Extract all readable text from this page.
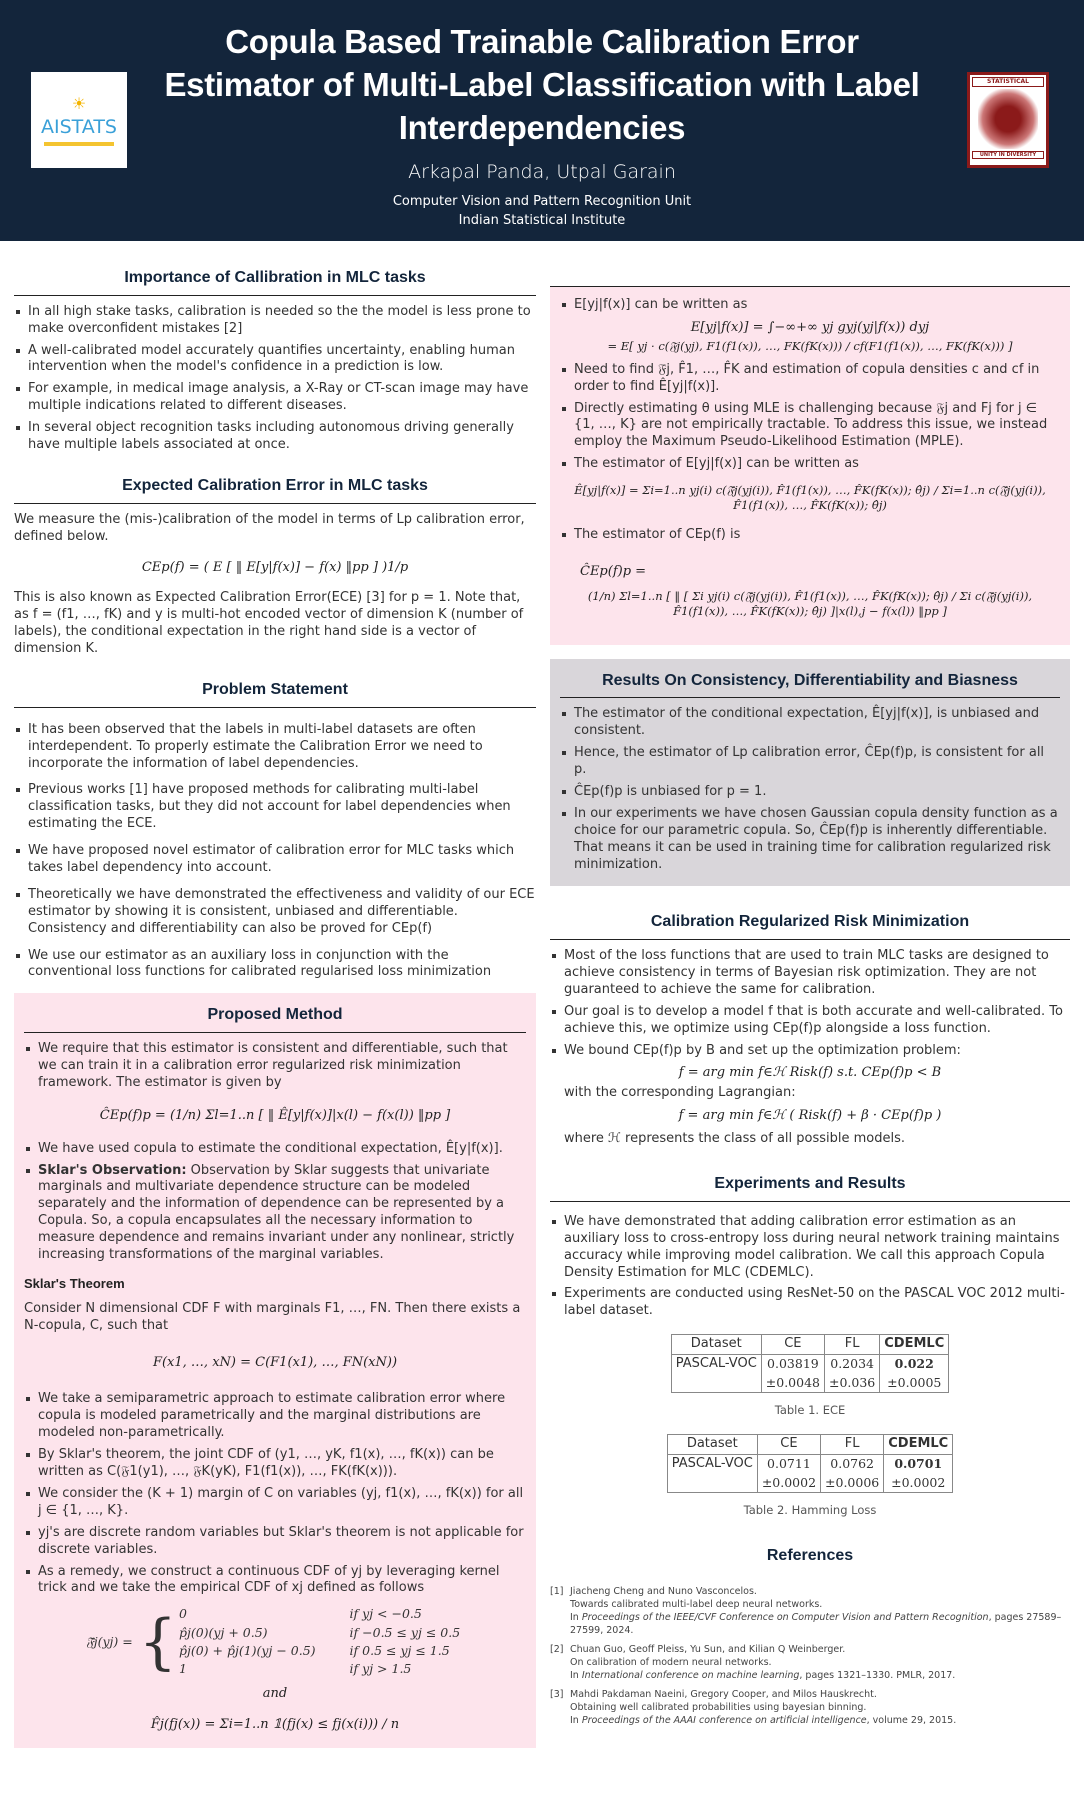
☀
AISTATS
Copula Based Trainable Calibration Error Estimator of Multi-Label Classification with Label Interdependencies
Arkapal Panda, Utpal Garain
Computer Vision and Pattern Recognition Unit
Indian Statistical Institute
STATISTICAL
UNITY IN DIVERSITY
Importance of Callibration in MLC tasks
In all high stake tasks, calibration is needed so the the model is less prone to make overconfident mistakes [2]
A well-calibrated model accurately quantifies uncertainty, enabling human intervention when the model's confidence in a prediction is low.
For example, in medical image analysis, a X-Ray or CT-scan image may have multiple indications related to different diseases.
In several object recognition tasks including autonomous driving generally have multiple labels associated at once.
Expected Calibration Error in MLC tasks

We measure the (mis-)calibration of the model in terms of Lp calibration error, defined below.

CEp(f) = ( E [ ‖ E[y|f(x)] − f(x) ‖pp ] )1/p

This is also known as Expected Calibration Error(ECE) [3] for p = 1. Note that, as f = (f1, …, fK) and y is multi-hot encoded vector of dimension K (number of labels), the conditional expectation in the right hand side is a vector of dimension K.

Problem Statement
It has been observed that the labels in multi-label datasets are often interdependent. To properly estimate the Calibration Error we need to incorporate the information of label dependencies.
Previous works [1] have proposed methods for calibrating multi-label classification tasks, but they did not account for label dependencies when estimating the ECE.
We have proposed novel estimator of calibration error for MLC tasks which takes label dependency into account.
Theoretically we have demonstrated the effectiveness and validity of our ECE estimator by showing it is consistent, unbiased and differentiable. Consistency and differentiability can also be proved for CEp(f)
We use our estimator as an auxiliary loss in conjunction with the conventional loss functions for calibrated regularised loss minimization
Proposed Method
We require that this estimator is consistent and differentiable, such that we can train it in a calibration error regularized risk minimization framework. The estimator is given by
ĈEp(f)p = (1/n) Σl=1..n [ ‖ Ê[y|f(x)]|x(l) − f(x(l)) ‖pp ]
We have used copula to estimate the conditional expectation, Ê[y|f(x)].
Sklar's Observation: Observation by Sklar suggests that univariate marginals and multivariate dependence structure can be modeled separately and the information of dependence can be represented by a Copula. So, a copula encapsulates all the necessary information to measure dependence and remains invariant under any nonlinear, strictly increasing transformations of the marginal variables.
Sklar's Theorem

Consider N dimensional CDF F with marginals F1, …, FN. Then there exists a N-copula, C, such that

F(x1, …, xN) = C(F1(x1), …, FN(xN))
We take a semiparametric approach to estimate calibration error where copula is modeled parametrically and the marginal distributions are modeled non-parametrically.
By Sklar's theorem, the joint CDF of (y1, …, yK, f1(x), …, fK(x)) can be written as C(𝔉1(y1), …, 𝔉K(yK), F1(f1(x)), …, FK(fK(x))).
We consider the (K + 1) margin of C on variables (yj, f1(x), …, fK(x)) for all j ∈ {1, …, K}.
yj's are discrete random variables but Sklar's theorem is not applicable for discrete variables.
As a remedy, we construct a continuous CDF of yj by leveraging kernel trick and we take the empirical CDF of xj defined as follows
𝔉̂j(yj) = { 0	if yj < −0.5
p̂j(0)(yj + 0.5)	if −0.5 ≤ yj ≤ 0.5
p̂j(0) + p̂j(1)(yj − 0.5)	if 0.5 ≤ yj ≤ 1.5
1	if yj > 1.5
and
F̂j(fj(x)) = Σi=1..n 𝟙(fj(x) ≤ fj(x(i))) / n
E[yj|f(x)] can be written as
E[yj|f(x)] = ∫−∞+∞ yj gyj(yj|f(x)) dyj
= E[ yj · c(𝔉j(yj), F1(f1(x)), …, FK(fK(x))) / cf(F1(f1(x)), …, FK(fK(x))) ]
Need to find 𝔉̂j, F̂1, …, F̂K and estimation of copula densities c and cf in order to find Ê[yj|f(x)].
Directly estimating θ using MLE is challenging because 𝔉j and Fj for j ∈ {1, …, K} are not empirically tractable. To address this issue, we instead employ the Maximum Pseudo-Likelihood Estimation (MPLE).
The estimator of E[yj|f(x)] can be written as
Ê[yj|f(x)] = Σi=1..n yj(i) c(𝔉̂j(yj(i)), F̂1(f1(x)), …, F̂K(fK(x)); θ̂j) / Σi=1..n c(𝔉̂j(yj(i)), F̂1(f1(x)), …, F̂K(fK(x)); θ̂j)
The estimator of CEp(f) is
ĈEp(f)p =
(1/n) Σl=1..n [ ‖ [ Σi yj(i) c(𝔉̂j(yj(i)), F̂1(f1(x)), …, F̂K(fK(x)); θ̂j) / Σi c(𝔉̂j(yj(i)), F̂1(f1(x)), …, F̂K(fK(x)); θ̂j) ]|x(l),j − f(x(l)) ‖pp ]
Results On Consistency, Differentiability and Biasness
The estimator of the conditional expectation, Ê[yj|f(x)], is unbiased and consistent.
Hence, the estimator of Lp calibration error, ĈEp(f)p, is consistent for all p.
ĈEp(f)p is unbiased for p = 1.
In our experiments we have chosen Gaussian copula density function as a choice for our parametric copula. So, ĈEp(f)p is inherently differentiable. That means it can be used in training time for calibration regularized risk minimization.
Calibration Regularized Risk Minimization
Most of the loss functions that are used to train MLC tasks are designed to achieve consistency in terms of Bayesian risk optimization. They are not guaranteed to achieve the same for calibration.
Our goal is to develop a model f that is both accurate and well-calibrated. To achieve this, we optimize using CEp(f)p alongside a loss function.
We bound CEp(f)p by B and set up the optimization problem:
f = arg min f∈ℋ Risk(f) s.t. CEp(f)p < B

with the corresponding Lagrangian:

f = arg min f∈ℋ ( Risk(f) + β · CEp(f)p )

where ℋ represents the class of all possible models.

Experiments and Results
We have demonstrated that adding calibration error estimation as an auxiliary loss to cross-entropy loss during neural network training maintains accuracy while improving model calibration. We call this approach Copula Density Estimation for MLC (CDEMLC).
Experiments are conducted using ResNet-50 on the PASCAL VOC 2012 multi-label dataset.
Dataset	CE	FL	CDEMLC
PASCAL-VOC	0.03819	0.2034	0.022
	±0.0048	±0.036	±0.0005
Table 1. ECE
Dataset	CE	FL	CDEMLC
PASCAL-VOC	0.0711	0.0762	0.0701
	±0.0002	±0.0006	±0.0002
Table 2. Hamming Loss
References
[1] Jiacheng Cheng and Nuno Vasconcelos.
Towards calibrated multi-label deep neural networks.
In Proceedings of the IEEE/CVF Conference on Computer Vision and Pattern Recognition, pages 27589–27599, 2024.
[2] Chuan Guo, Geoff Pleiss, Yu Sun, and Kilian Q Weinberger.
On calibration of modern neural networks.
In International conference on machine learning, pages 1321–1330. PMLR, 2017.
[3] Mahdi Pakdaman Naeini, Gregory Cooper, and Milos Hauskrecht.
Obtaining well calibrated probabilities using bayesian binning.
In Proceedings of the AAAI conference on artificial intelligence, volume 29, 2015.
